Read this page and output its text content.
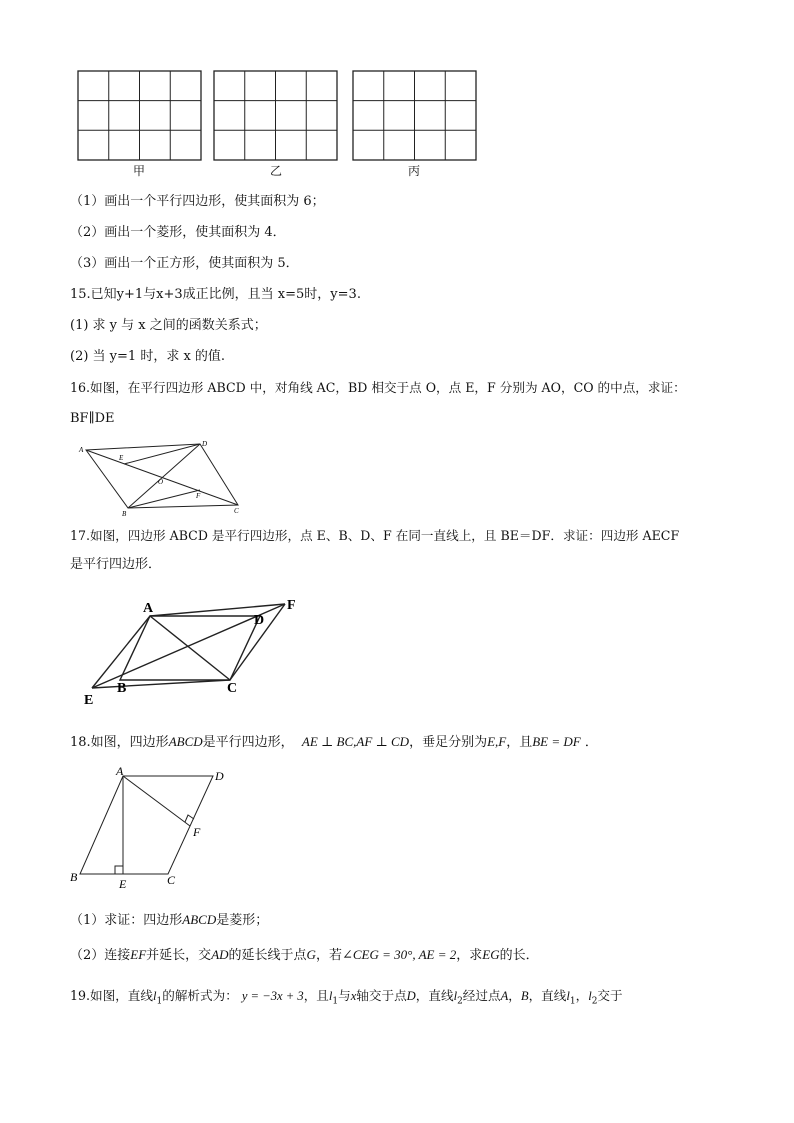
甲	乙	丙
（1）画出一个平行四边形，使其面积为 6；
（2）画出一个菱形，使其面积为 4．
（3）画出一个正方形，使其面积为 5．
15.已知y+1与x+3成正比例，且当 x=5时，y=3.
(1) 求 y 与 x 之间的函数关系式；
(2) 当 y=1 时，求 x 的值.
16.如图，在平行四边形 ABCD 中，对角线 AC，BD 相交于点 O，点 E，F 分别为 AO，CO 的中点，求证：
BF∥DE
A
D
E
O
F
B	C
17.如图，四边形 ABCD 是平行四边形，点 E、B、D、F 在同一直线上，且 BE＝DF．求证：四边形 AECF
是平行四边形．
A	F
D
B	C
E
18.如图，四边形ABCD是平行四边形， AE ⊥ BC,AF ⊥ CD，垂足分别为E,F，且BE = DF ．
A	D
F
B	E	C
（1）求证：四边形ABCD是菱形；
（2）连接EF并延长，交AD的延长线于点G，若∠CEG = 30°, AE = 2，求EG的长．
19.如图，直线$l_1$的解析式为： y = −3x + 3，且$l_1$与x轴交于点D，直线$l_2$经过点A，B，直线$l_1$，$l_2$交于
